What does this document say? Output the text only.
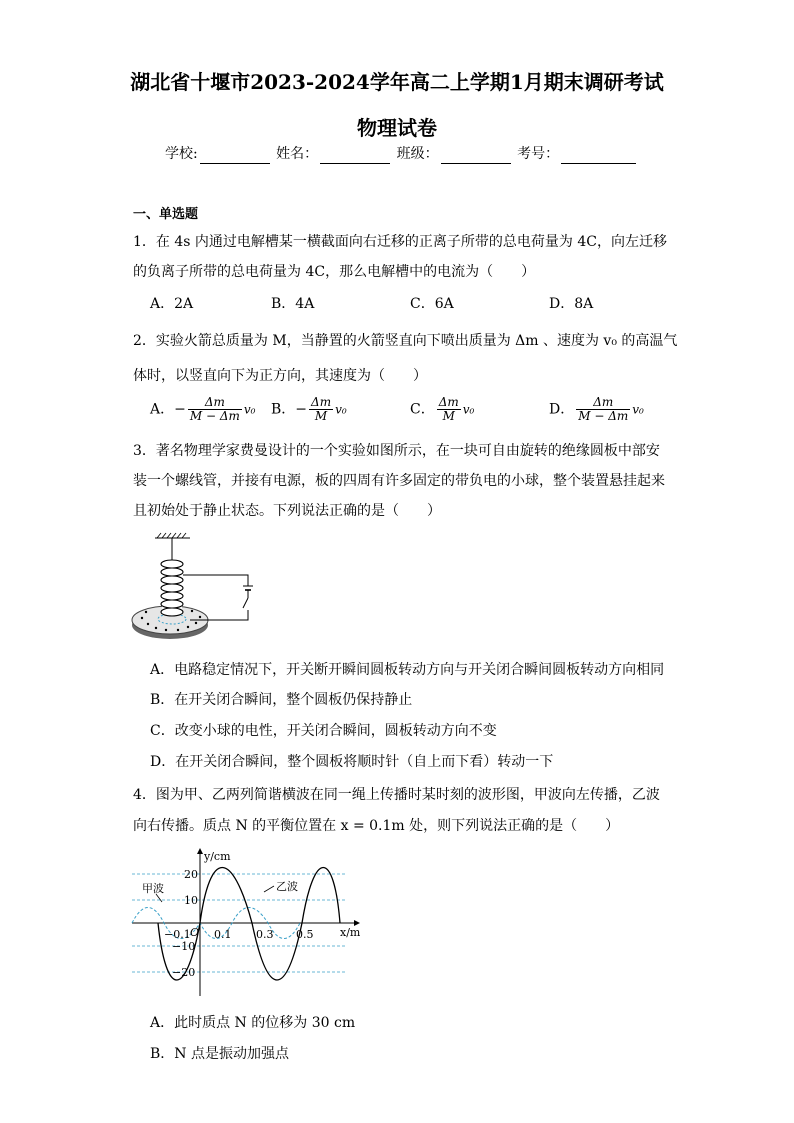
湖北省十堰市2023-2024学年高二上学期1月期末调研考试
物理试卷
学校:	姓名：	班级：	考号：
一、单选题
1．在 4s 内通过电解槽某一横截面向右迁移的正离子所带的总电荷量为 4C，向左迁移
的负离子所带的总电荷量为 4C，那么电解槽中的电流为（　　）
A．2A	B．4A	C．6A	D．8A
2．实验火箭总质量为 M，当静置的火箭竖直向下喷出质量为 Δm 、速度为 v₀ 的高温气
体时，以竖直向下为正方向，其速度为（　　）
A．− $\frac{\Delta m}{M - \Delta m} v_0$ B．− $\frac{\Delta m}{M} v_0$	C． $\frac{\Delta m}{M} v_0$	D． $\frac{\Delta m}{M - \Delta m} v_0$
3．著名物理学家费曼设计的一个实验如图所示，在一块可自由旋转的绝缘圆板中部安
装一个螺线管，并接有电源，板的四周有许多固定的带负电的小球，整个装置悬挂起来
且初始处于静止状态。下列说法正确的是（　　）
A．电路稳定情况下，开关断开瞬间圆板转动方向与开关闭合瞬间圆板转动方向相同
B．在开关闭合瞬间，整个圆板仍保持静止
C．改变小球的电性，开关闭合瞬间，圆板转动方向不变
D．在开关闭合瞬间，整个圆板将顺时针（自上而下看）转动一下
4．图为甲、乙两列简谐横波在同一绳上传播时某时刻的波形图，甲波向左传播，乙波
向右传播。质点 N 的平衡位置在 x = 0.1m 处，则下列说法正确的是（　　）
20
10
−10
−20
−0.1 0.1 0.3 0.5
O
y/cm
x/m
甲波	乙波
A．此时质点 N 的位移为 30 cm
B．N 点是振动加强点
